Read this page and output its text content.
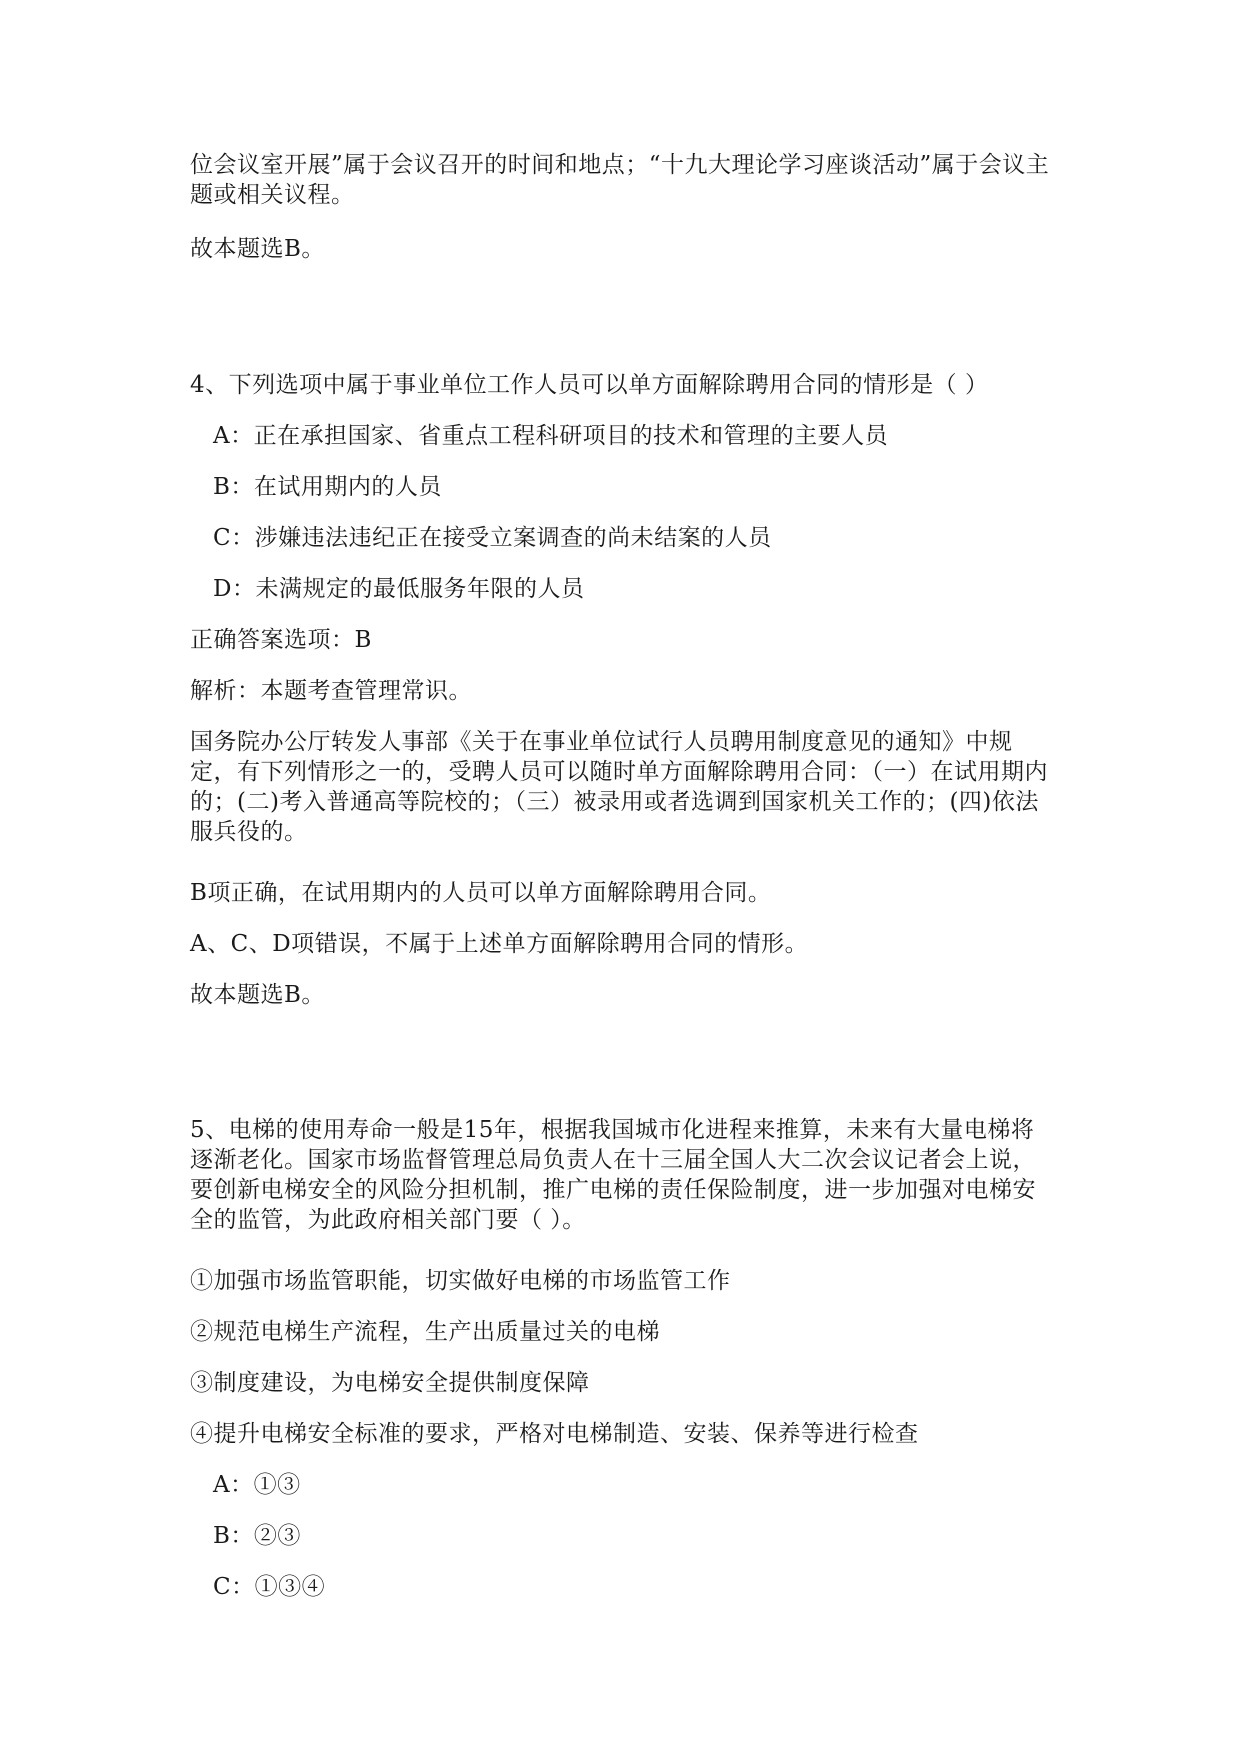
位会议室开展”属于会议召开的时间和地点；“十九大理论学习座谈活动”属于会议主题或相关议程。
故本题选B。
4、下列选项中属于事业单位工作人员可以单方面解除聘用合同的情形是（ ）
A：正在承担国家、省重点工程科研项目的技术和管理的主要人员
B：在试用期内的人员
C：涉嫌违法违纪正在接受立案调查的尚未结案的人员
D：未满规定的最低服务年限的人员
正确答案选项：B
解析：本题考查管理常识。
国务院办公厅转发人事部《关于在事业单位试行人员聘用制度意见的通知》中规定，有下列情形之一的，受聘人员可以随时单方面解除聘用合同：（一）在试用期内的；(二)考入普通高等院校的；（三）被录用或者选调到国家机关工作的；(四)依法服兵役的。
B项正确，在试用期内的人员可以单方面解除聘用合同。
A、C、D项错误，不属于上述单方面解除聘用合同的情形。
故本题选B。
5、电梯的使用寿命一般是15年，根据我国城市化进程来推算，未来有大量电梯将逐渐老化。国家市场监督管理总局负责人在十三届全国人大二次会议记者会上说，要创新电梯安全的风险分担机制，推广电梯的责任保险制度，进一步加强对电梯安全的监管，为此政府相关部门要（ ）。
①加强市场监管职能，切实做好电梯的市场监管工作
②规范电梯生产流程，生产出质量过关的电梯
③制度建设，为电梯安全提供制度保障
④提升电梯安全标准的要求，严格对电梯制造、安装、保养等进行检查
A：①③
B：②③
C：①③④
